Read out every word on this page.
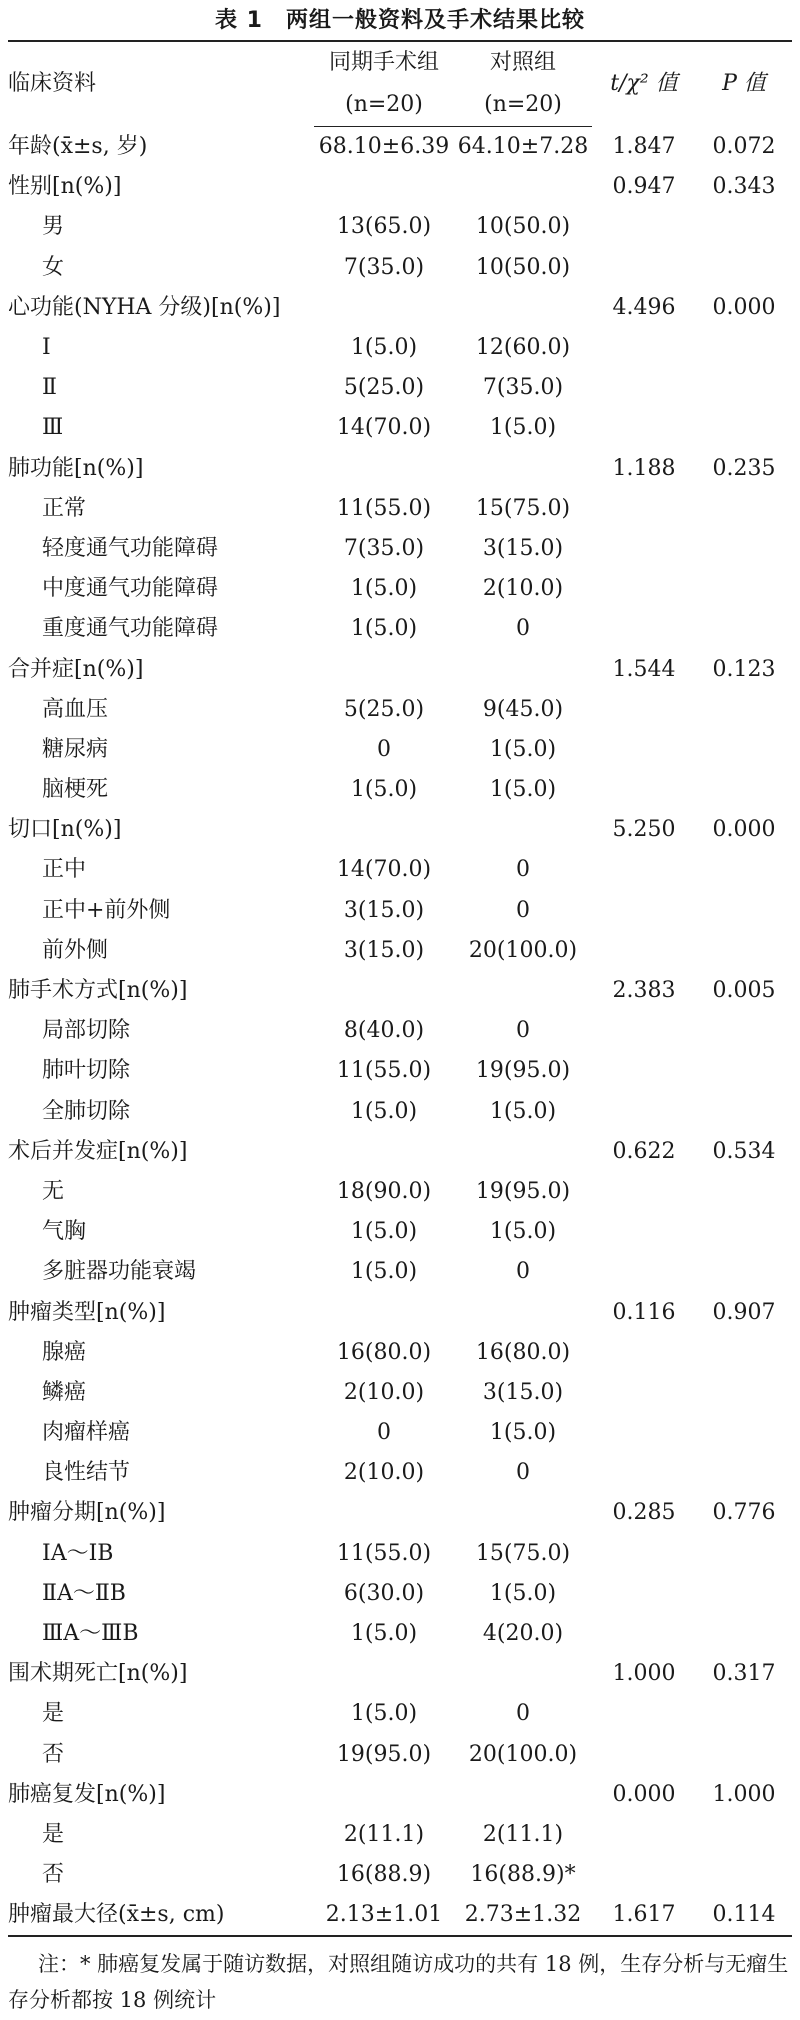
表 1　两组一般资料及手术结果比较
临床资料	同期手术组	对照组	t/χ² 值	P 值
	(n=20)	(n=20)		
年龄(x̄±s, 岁)	68.10±6.39	64.10±7.28	1.847	0.072
性别[n(%)]			0.947	0.343
男	13(65.0)	10(50.0)		
女	7(35.0)	10(50.0)		
心功能(NYHA 分级)[n(%)]			4.496	0.000
Ⅰ	1(5.0)	12(60.0)		
Ⅱ	5(25.0)	7(35.0)		
Ⅲ	14(70.0)	1(5.0)		
肺功能[n(%)]			1.188	0.235
正常	11(55.0)	15(75.0)		
轻度通气功能障碍	7(35.0)	3(15.0)		
中度通气功能障碍	1(5.0)	2(10.0)		
重度通气功能障碍	1(5.0)	0		
合并症[n(%)]			1.544	0.123
高血压	5(25.0)	9(45.0)		
糖尿病	0	1(5.0)		
脑梗死	1(5.0)	1(5.0)		
切口[n(%)]			5.250	0.000
正中	14(70.0)	0		
正中+前外侧	3(15.0)	0		
前外侧	3(15.0)	20(100.0)		
肺手术方式[n(%)]			2.383	0.005
局部切除	8(40.0)	0		
肺叶切除	11(55.0)	19(95.0)		
全肺切除	1(5.0)	1(5.0)		
术后并发症[n(%)]			0.622	0.534
无	18(90.0)	19(95.0)		
气胸	1(5.0)	1(5.0)		
多脏器功能衰竭	1(5.0)	0		
肿瘤类型[n(%)]			0.116	0.907
腺癌	16(80.0)	16(80.0)		
鳞癌	2(10.0)	3(15.0)		
肉瘤样癌	0	1(5.0)		
良性结节	2(10.0)	0		
肿瘤分期[n(%)]			0.285	0.776
ⅠA～ⅠB	11(55.0)	15(75.0)		
ⅡA～ⅡB	6(30.0)	1(5.0)		
ⅢA～ⅢB	1(5.0)	4(20.0)		
围术期死亡[n(%)]			1.000	0.317
是	1(5.0)	0		
否	19(95.0)	20(100.0)		
肺癌复发[n(%)]			0.000	1.000
是	2(11.1)	2(11.1)		
否	16(88.9)	16(88.9)*		
肿瘤最大径(x̄±s, cm)	2.13±1.01	2.73±1.32	1.617	0.114
注：* 肺癌复发属于随访数据，对照组随访成功的共有 18 例，生存分析与无瘤生存分析都按 18 例统计
